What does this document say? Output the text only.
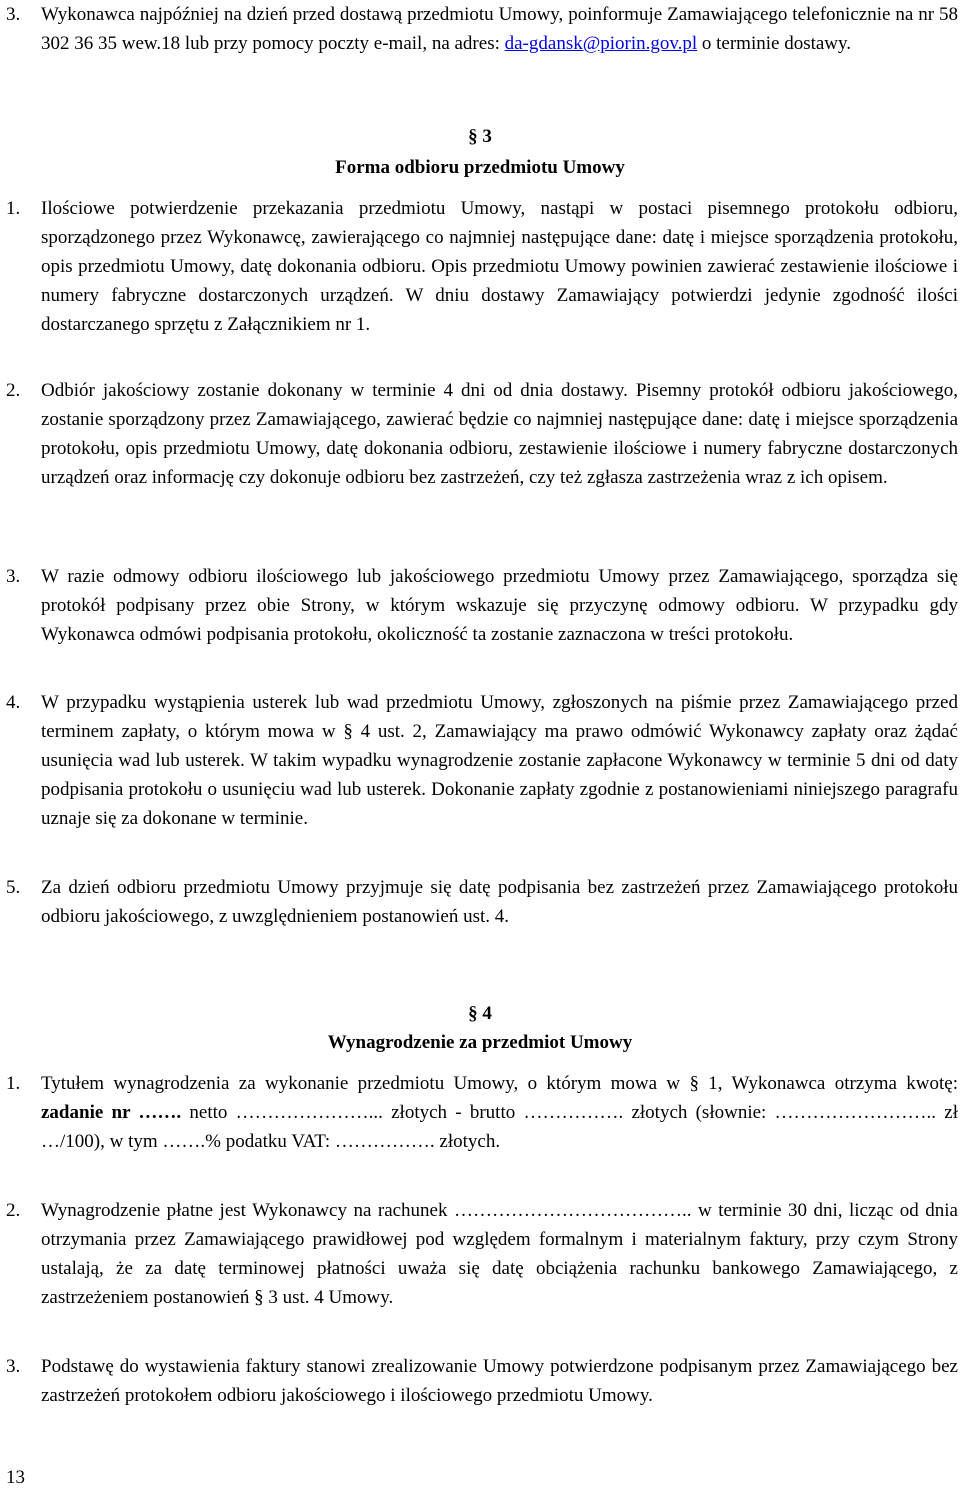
3. Wykonawca najpóźniej na dzień przed dostawą przedmiotu Umowy, poinformuje Zamawiającego telefonicznie na nr 58 302 36 35 wew.18 lub przy pomocy poczty e-mail, na adres: da-gdansk@piorin.gov.pl o terminie dostawy.
§ 3
Forma odbioru przedmiotu Umowy
1. Ilościowe potwierdzenie przekazania przedmiotu Umowy, nastąpi w postaci pisemnego protokołu odbioru, sporządzonego przez Wykonawcę, zawierającego co najmniej następujące dane: datę i miejsce sporządzenia protokołu, opis przedmiotu Umowy, datę dokonania odbioru. Opis przedmiotu Umowy powinien zawierać zestawienie ilościowe i numery fabryczne dostarczonych urządzeń. W dniu dostawy Zamawiający potwierdzi jedynie zgodność ilości dostarczanego sprzętu z Załącznikiem nr 1.
2. Odbiór jakościowy zostanie dokonany w terminie 4 dni od dnia dostawy. Pisemny protokół odbioru jakościowego, zostanie sporządzony przez Zamawiającego, zawierać będzie co najmniej następujące dane: datę i miejsce sporządzenia protokołu, opis przedmiotu Umowy, datę dokonania odbioru, zestawienie ilościowe i numery fabryczne dostarczonych urządzeń oraz informację czy dokonuje odbioru bez zastrzeżeń, czy też zgłasza zastrzeżenia wraz z ich opisem.
3. W razie odmowy odbioru ilościowego lub jakościowego przedmiotu Umowy przez Zamawiającego, sporządza się protokół podpisany przez obie Strony, w którym wskazuje się przyczynę odmowy odbioru. W przypadku gdy Wykonawca odmówi podpisania protokołu, okoliczność ta zostanie zaznaczona w treści protokołu.
4. W przypadku wystąpienia usterek lub wad przedmiotu Umowy, zgłoszonych na piśmie przez Zamawiającego przed terminem zapłaty, o którym mowa w § 4 ust. 2, Zamawiający ma prawo odmówić Wykonawcy zapłaty oraz żądać usunięcia wad lub usterek. W takim wypadku wynagrodzenie zostanie zapłacone Wykonawcy w terminie 5 dni od daty podpisania protokołu o usunięciu wad lub usterek. Dokonanie zapłaty zgodnie z postanowieniami niniejszego paragrafu uznaje się za dokonane w terminie.
5. Za dzień odbioru przedmiotu Umowy przyjmuje się datę podpisania bez zastrzeżeń przez Zamawiającego protokołu odbioru jakościowego, z uwzględnieniem postanowień ust. 4.
§ 4
Wynagrodzenie za przedmiot Umowy
1. Tytułem wynagrodzenia za wykonanie przedmiotu Umowy, o którym mowa w § 1, Wykonawca otrzyma kwotę: zadanie nr ……. netto …………………... złotych - brutto ……………. złotych (słownie: …………………….. zł …/100), w tym …….% podatku VAT: ……………. złotych.
2. Wynagrodzenie płatne jest Wykonawcy na rachunek ……………………………….. w terminie 30 dni, licząc od dnia otrzymania przez Zamawiającego prawidłowej pod względem formalnym i materialnym faktury, przy czym Strony ustalają, że za datę terminowej płatności uważa się datę obciążenia rachunku bankowego Zamawiającego, z zastrzeżeniem postanowień § 3 ust. 4 Umowy.
3. Podstawę do wystawienia faktury stanowi zrealizowanie Umowy potwierdzone podpisanym przez Zamawiającego bez zastrzeżeń protokołem odbioru jakościowego i ilościowego przedmiotu Umowy.
13
